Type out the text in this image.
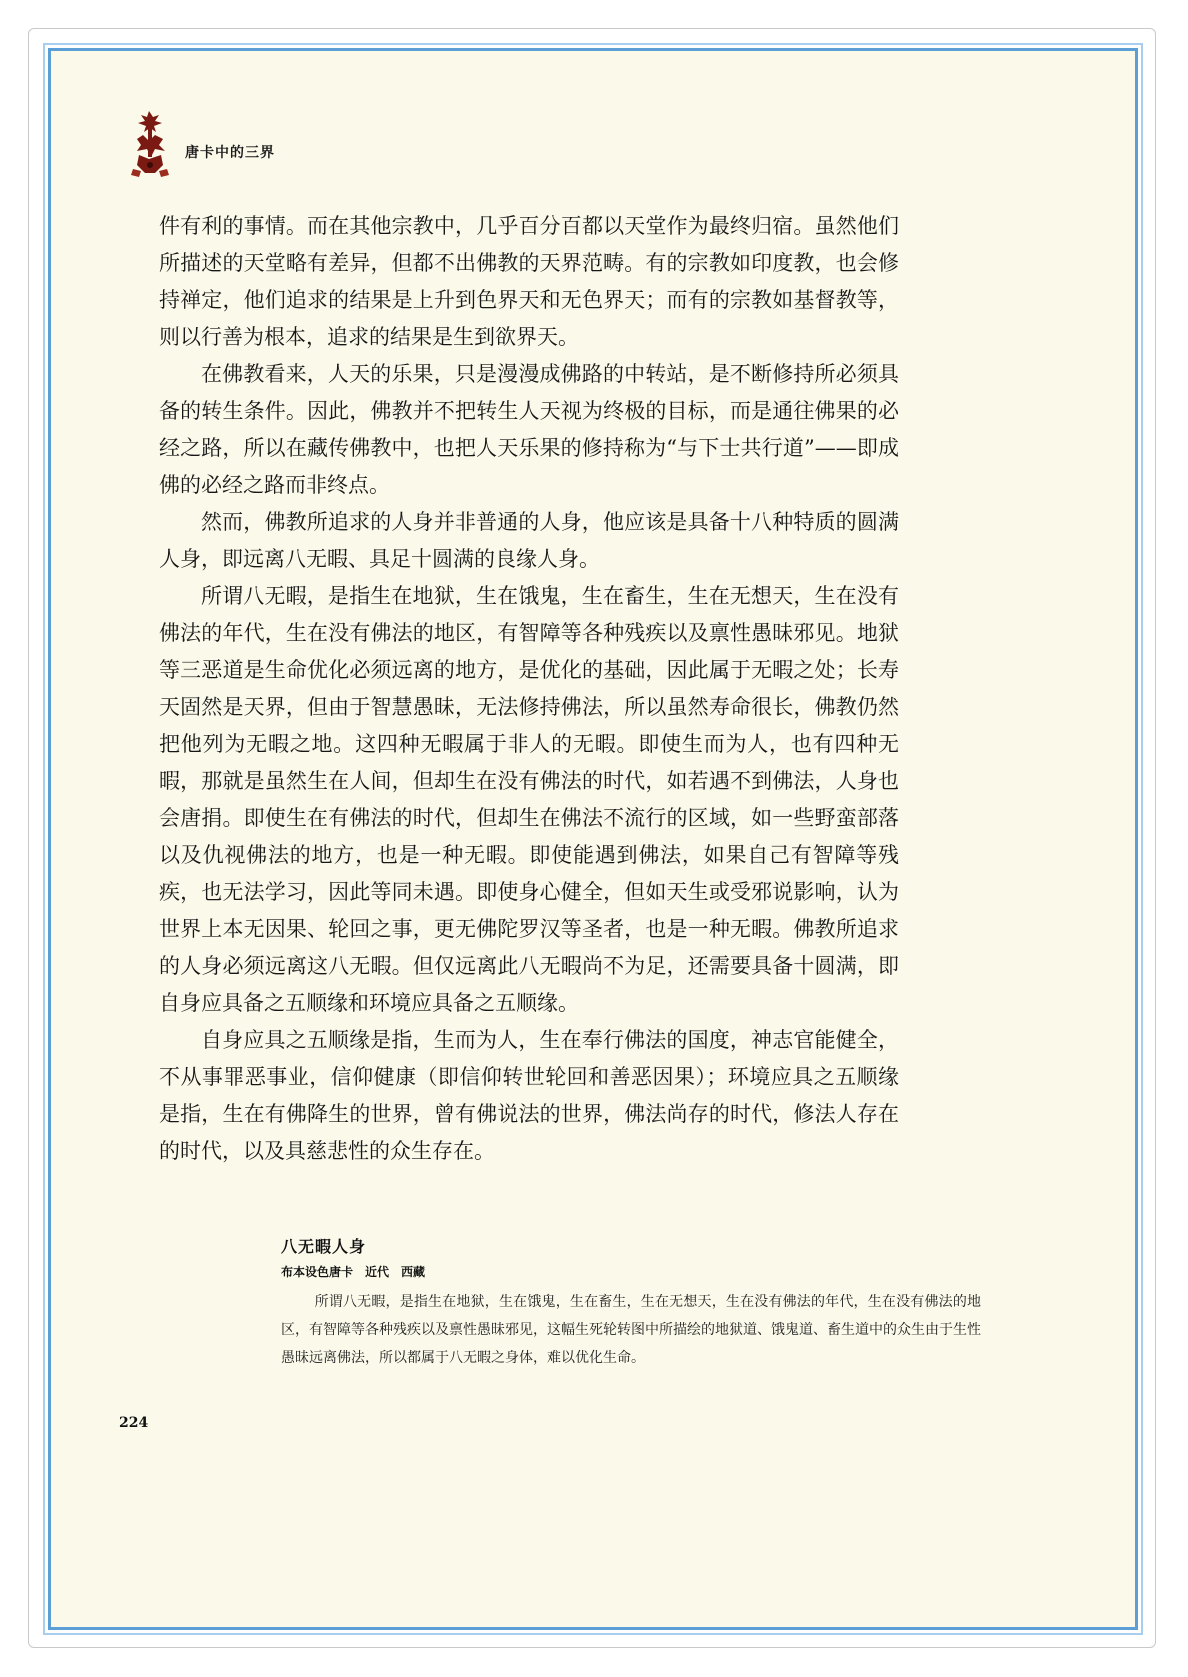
唐卡中的三界

件有利的事情。而在其他宗教中，几乎百分百都以天堂作为最终归宿。虽然他们所描述的天堂略有差异，但都不出佛教的天界范畴。有的宗教如印度教，也会修持禅定，他们追求的结果是上升到色界天和无色界天；而有的宗教如基督教等，则以行善为根本，追求的结果是生到欲界天。

在佛教看来，人天的乐果，只是漫漫成佛路的中转站，是不断修持所必须具备的转生条件。因此，佛教并不把转生人天视为终极的目标，而是通往佛果的必经之路，所以在藏传佛教中，也把人天乐果的修持称为“与下士共行道”——即成佛的必经之路而非终点。

然而，佛教所追求的人身并非普通的人身，他应该是具备十八种特质的圆满人身，即远离八无暇、具足十圆满的良缘人身。

所谓八无暇，是指生在地狱，生在饿鬼，生在畜生，生在无想天，生在没有佛法的年代，生在没有佛法的地区，有智障等各种残疾以及禀性愚昧邪见。地狱等三恶道是生命优化必须远离的地方，是优化的基础，因此属于无暇之处；长寿天固然是天界，但由于智慧愚昧，无法修持佛法，所以虽然寿命很长，佛教仍然把他列为无暇之地。这四种无暇属于非人的无暇。即使生而为人，也有四种无暇，那就是虽然生在人间，但却生在没有佛法的时代，如若遇不到佛法，人身也会唐捐。即使生在有佛法的时代，但却生在佛法不流行的区域，如一些野蛮部落以及仇视佛法的地方，也是一种无暇。即使能遇到佛法，如果自己有智障等残疾，也无法学习，因此等同未遇。即使身心健全，但如天生或受邪说影响，认为世界上本无因果、轮回之事，更无佛陀罗汉等圣者，也是一种无暇。佛教所追求的人身必须远离这八无暇。但仅远离此八无暇尚不为足，还需要具备十圆满，即自身应具备之五顺缘和环境应具备之五顺缘。

自身应具之五顺缘是指，生而为人，生在奉行佛法的国度，神志官能健全，不从事罪恶事业，信仰健康（即信仰转世轮回和善恶因果）；环境应具之五顺缘是指，生在有佛降生的世界，曾有佛说法的世界，佛法尚存的时代，修法人存在的时代，以及具慈悲性的众生存在。

八无暇人身
布本设色唐卡　近代　西藏

所谓八无暇，是指生在地狱，生在饿鬼，生在畜生，生在无想天，生在没有佛法的年代，生在没有佛法的地区，有智障等各种残疾以及禀性愚昧邪见，这幅生死轮转图中所描绘的地狱道、饿鬼道、畜生道中的众生由于生性愚昧远离佛法，所以都属于八无暇之身体，难以优化生命。

224
